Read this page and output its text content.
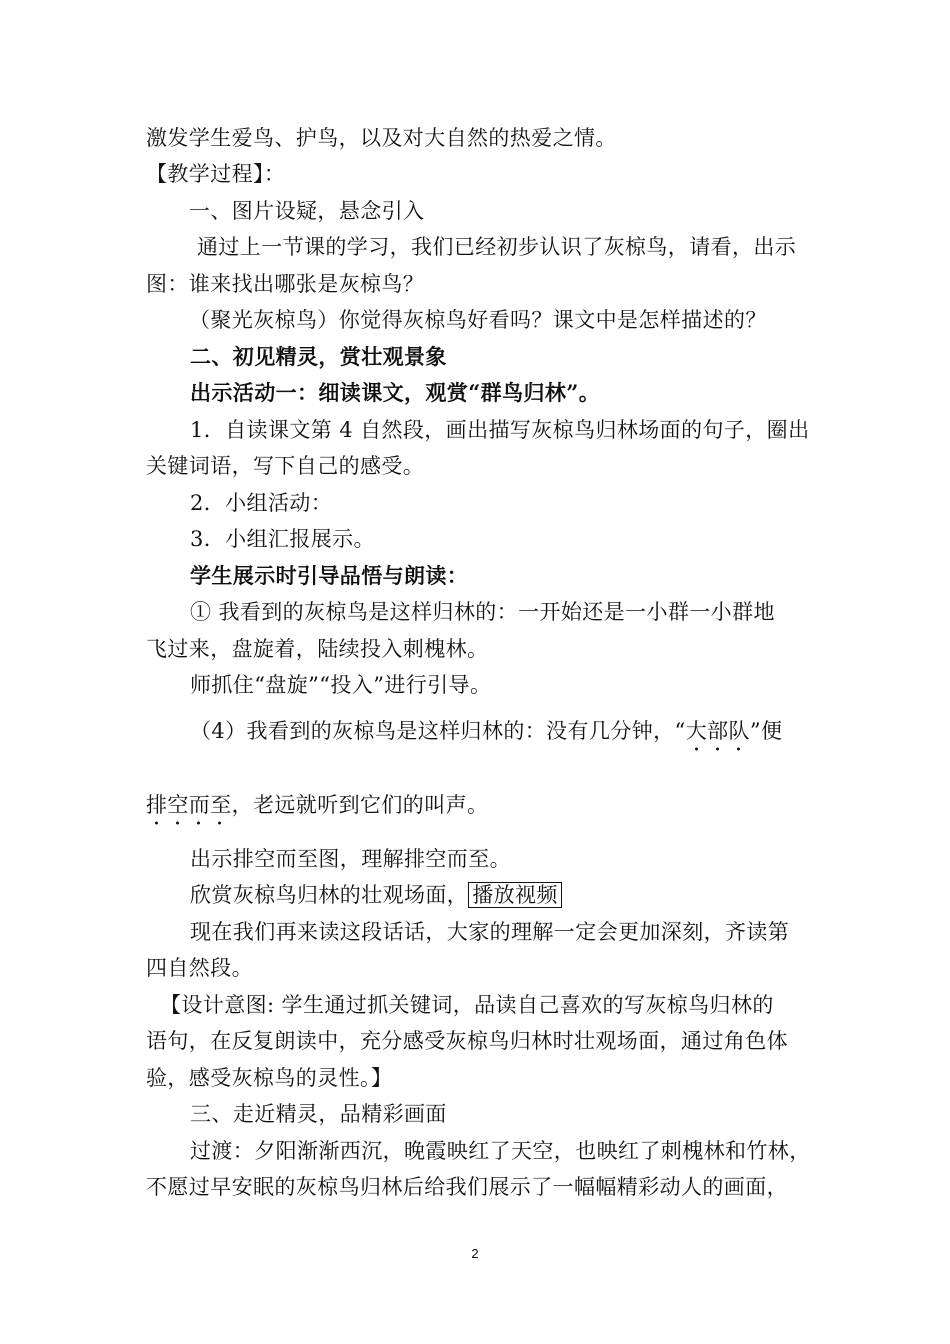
激发学生爱鸟、护鸟，以及对大自然的热爱之情。
【教学过程】：
一、图片设疑，悬念引入
通过上一节课的学习，我们已经初步认识了灰椋鸟，请看，出示
图：谁来找出哪张是灰椋鸟？
（聚光灰椋鸟）你觉得灰椋鸟好看吗？课文中是怎样描述的？
二、初见精灵，赏壮观景象
出示活动一：细读课文，观赏“群鸟归林”。
1．自读课文第 4 自然段，画出描写灰椋鸟归林场面的句子，圈出
关键词语，写下自己的感受。
2．小组活动：
3．小组汇报展示。
学生展示时引导品悟与朗读：
① 我看到的灰椋鸟是这样归林的：一开始还是一小群一小群地
飞过来，盘旋着，陆续投入刺槐林。
师抓住“盘旋”“投入”进行引导。
（4）我看到的灰椋鸟是这样归林的：没有几分钟，“大部队”便
排空而至，老远就听到它们的叫声。
出示排空而至图，理解排空而至。
欣赏灰椋鸟归林的壮观场面， 播放视频
现在我们再来读这段话话，大家的理解一定会更加深刻，齐读第
四自然段。
【设计意图: 学生通过抓关键词，品读自己喜欢的写灰椋鸟归林的
语句，在反复朗读中，充分感受灰椋鸟归林时壮观场面，通过角色体
验，感受灰椋鸟的灵性。】
三、走近精灵，品精彩画面
过渡：夕阳渐渐西沉，晚霞映红了天空，也映红了刺槐林和竹林，
不愿过早安眠的灰椋鸟归林后给我们展示了一幅幅精彩动人的画面，
2
